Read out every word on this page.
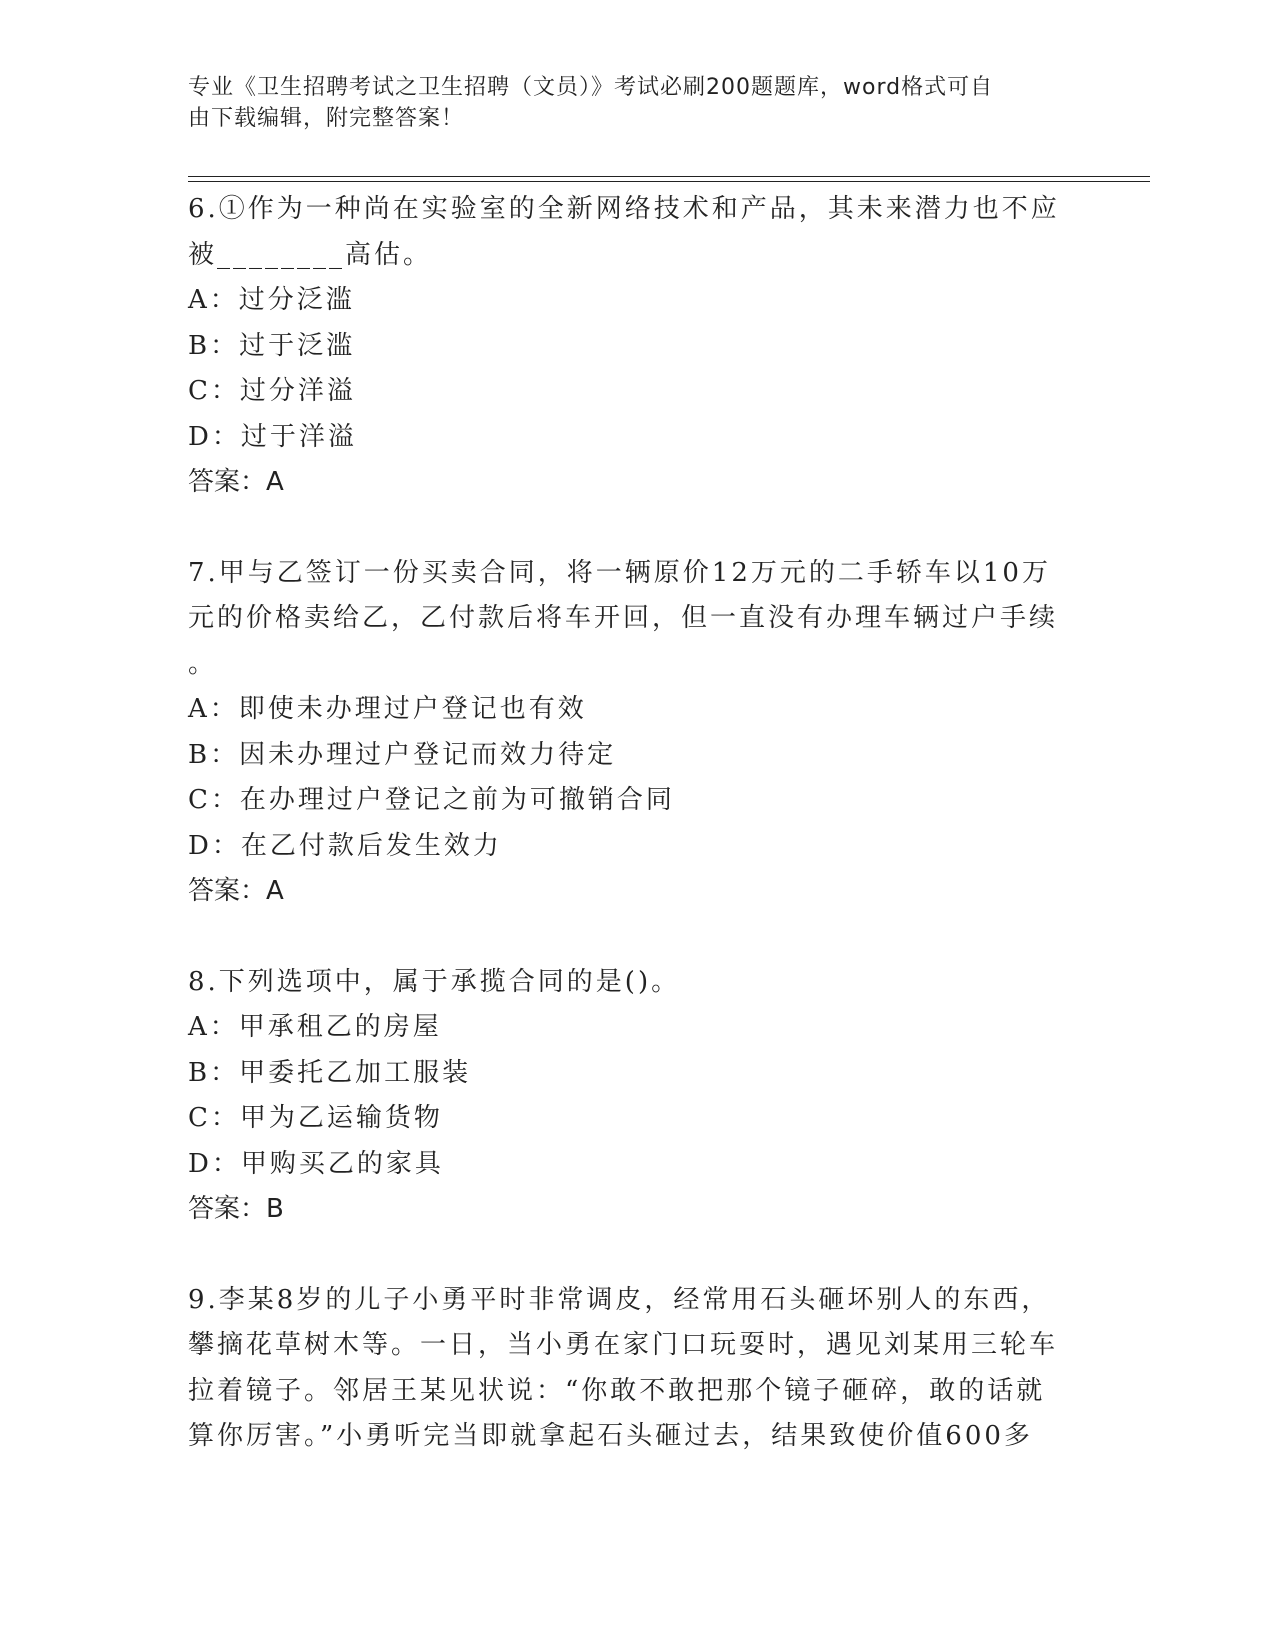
专业《卫生招聘考试之卫生招聘（文员）》考试必刷200题题库，word格式可自
由下载编辑，附完整答案！
6.①作为一种尚在实验室的全新网络技术和产品，其未来潜力也不应
被________高估。
A： 过分泛滥
B： 过于泛滥
C： 过分洋溢
D： 过于洋溢
答案：A
7.甲与乙签订一份买卖合同，将一辆原价12万元的二手轿车以10万
元的价格卖给乙，乙付款后将车开回，但一直没有办理车辆过户手续
。
A： 即使未办理过户登记也有效
B： 因未办理过户登记而效力待定
C： 在办理过户登记之前为可撤销合同
D： 在乙付款后发生效力
答案：A
8.下列选项中，属于承揽合同的是()。
A： 甲承租乙的房屋
B： 甲委托乙加工服装
C： 甲为乙运输货物
D： 甲购买乙的家具
答案：B
9.李某8岁的儿子小勇平时非常调皮，经常用石头砸坏别人的东西，
攀摘花草树木等。一日，当小勇在家门口玩耍时，遇见刘某用三轮车
拉着镜子。邻居王某见状说：“你敢不敢把那个镜子砸碎，敢的话就
算你厉害。”小勇听完当即就拿起石头砸过去，结果致使价值600多
